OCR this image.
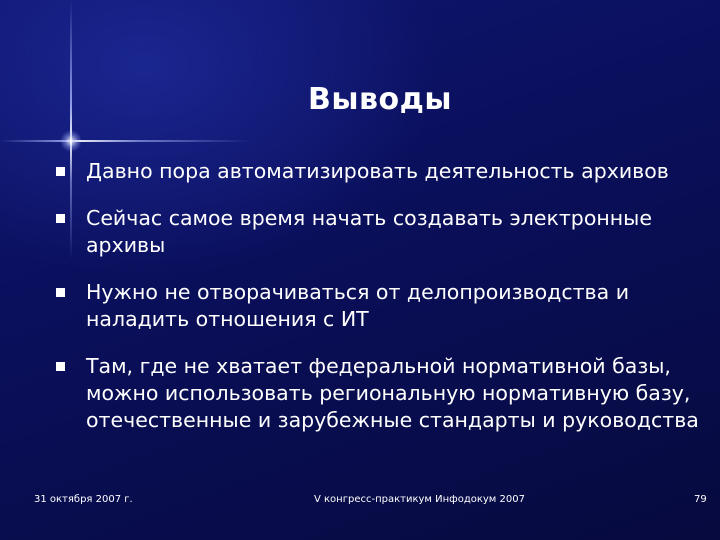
Выводы
Давно пора автоматизировать деятельность архивов
Сейчас самое время начать создавать электронные
архивы
Нужно не отворачиваться от делопроизводства и
наладить отношения с ИТ
Там, где не хватает федеральной нормативной базы,
можно использовать региональную нормативную базу,
отечественные и зарубежные стандарты и руководства
31 октября 2007 г.	V конгресс-практикум Инфодокум 2007	79
